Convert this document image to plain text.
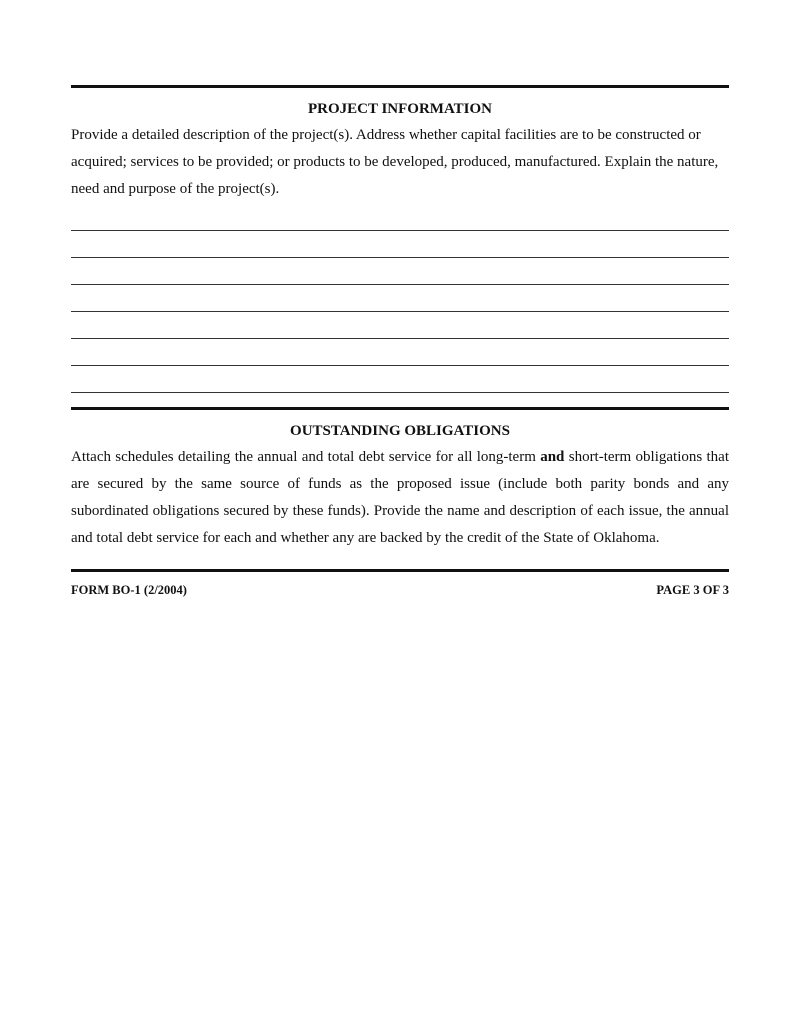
PROJECT INFORMATION
Provide a detailed description of the project(s). Address whether capital facilities are to be constructed or acquired; services to be provided; or products to be developed, produced, manufactured. Explain the nature, need and purpose of the project(s).
OUTSTANDING OBLIGATIONS
Attach schedules detailing the annual and total debt service for all long-term and short-term obligations that are secured by the same source of funds as the proposed issue (include both parity bonds and any subordinated obligations secured by these funds). Provide the name and description of each issue, the annual and total debt service for each and whether any are backed by the credit of the State of Oklahoma.
FORM BO-1 (2/2004)	PAGE 3 OF 3
